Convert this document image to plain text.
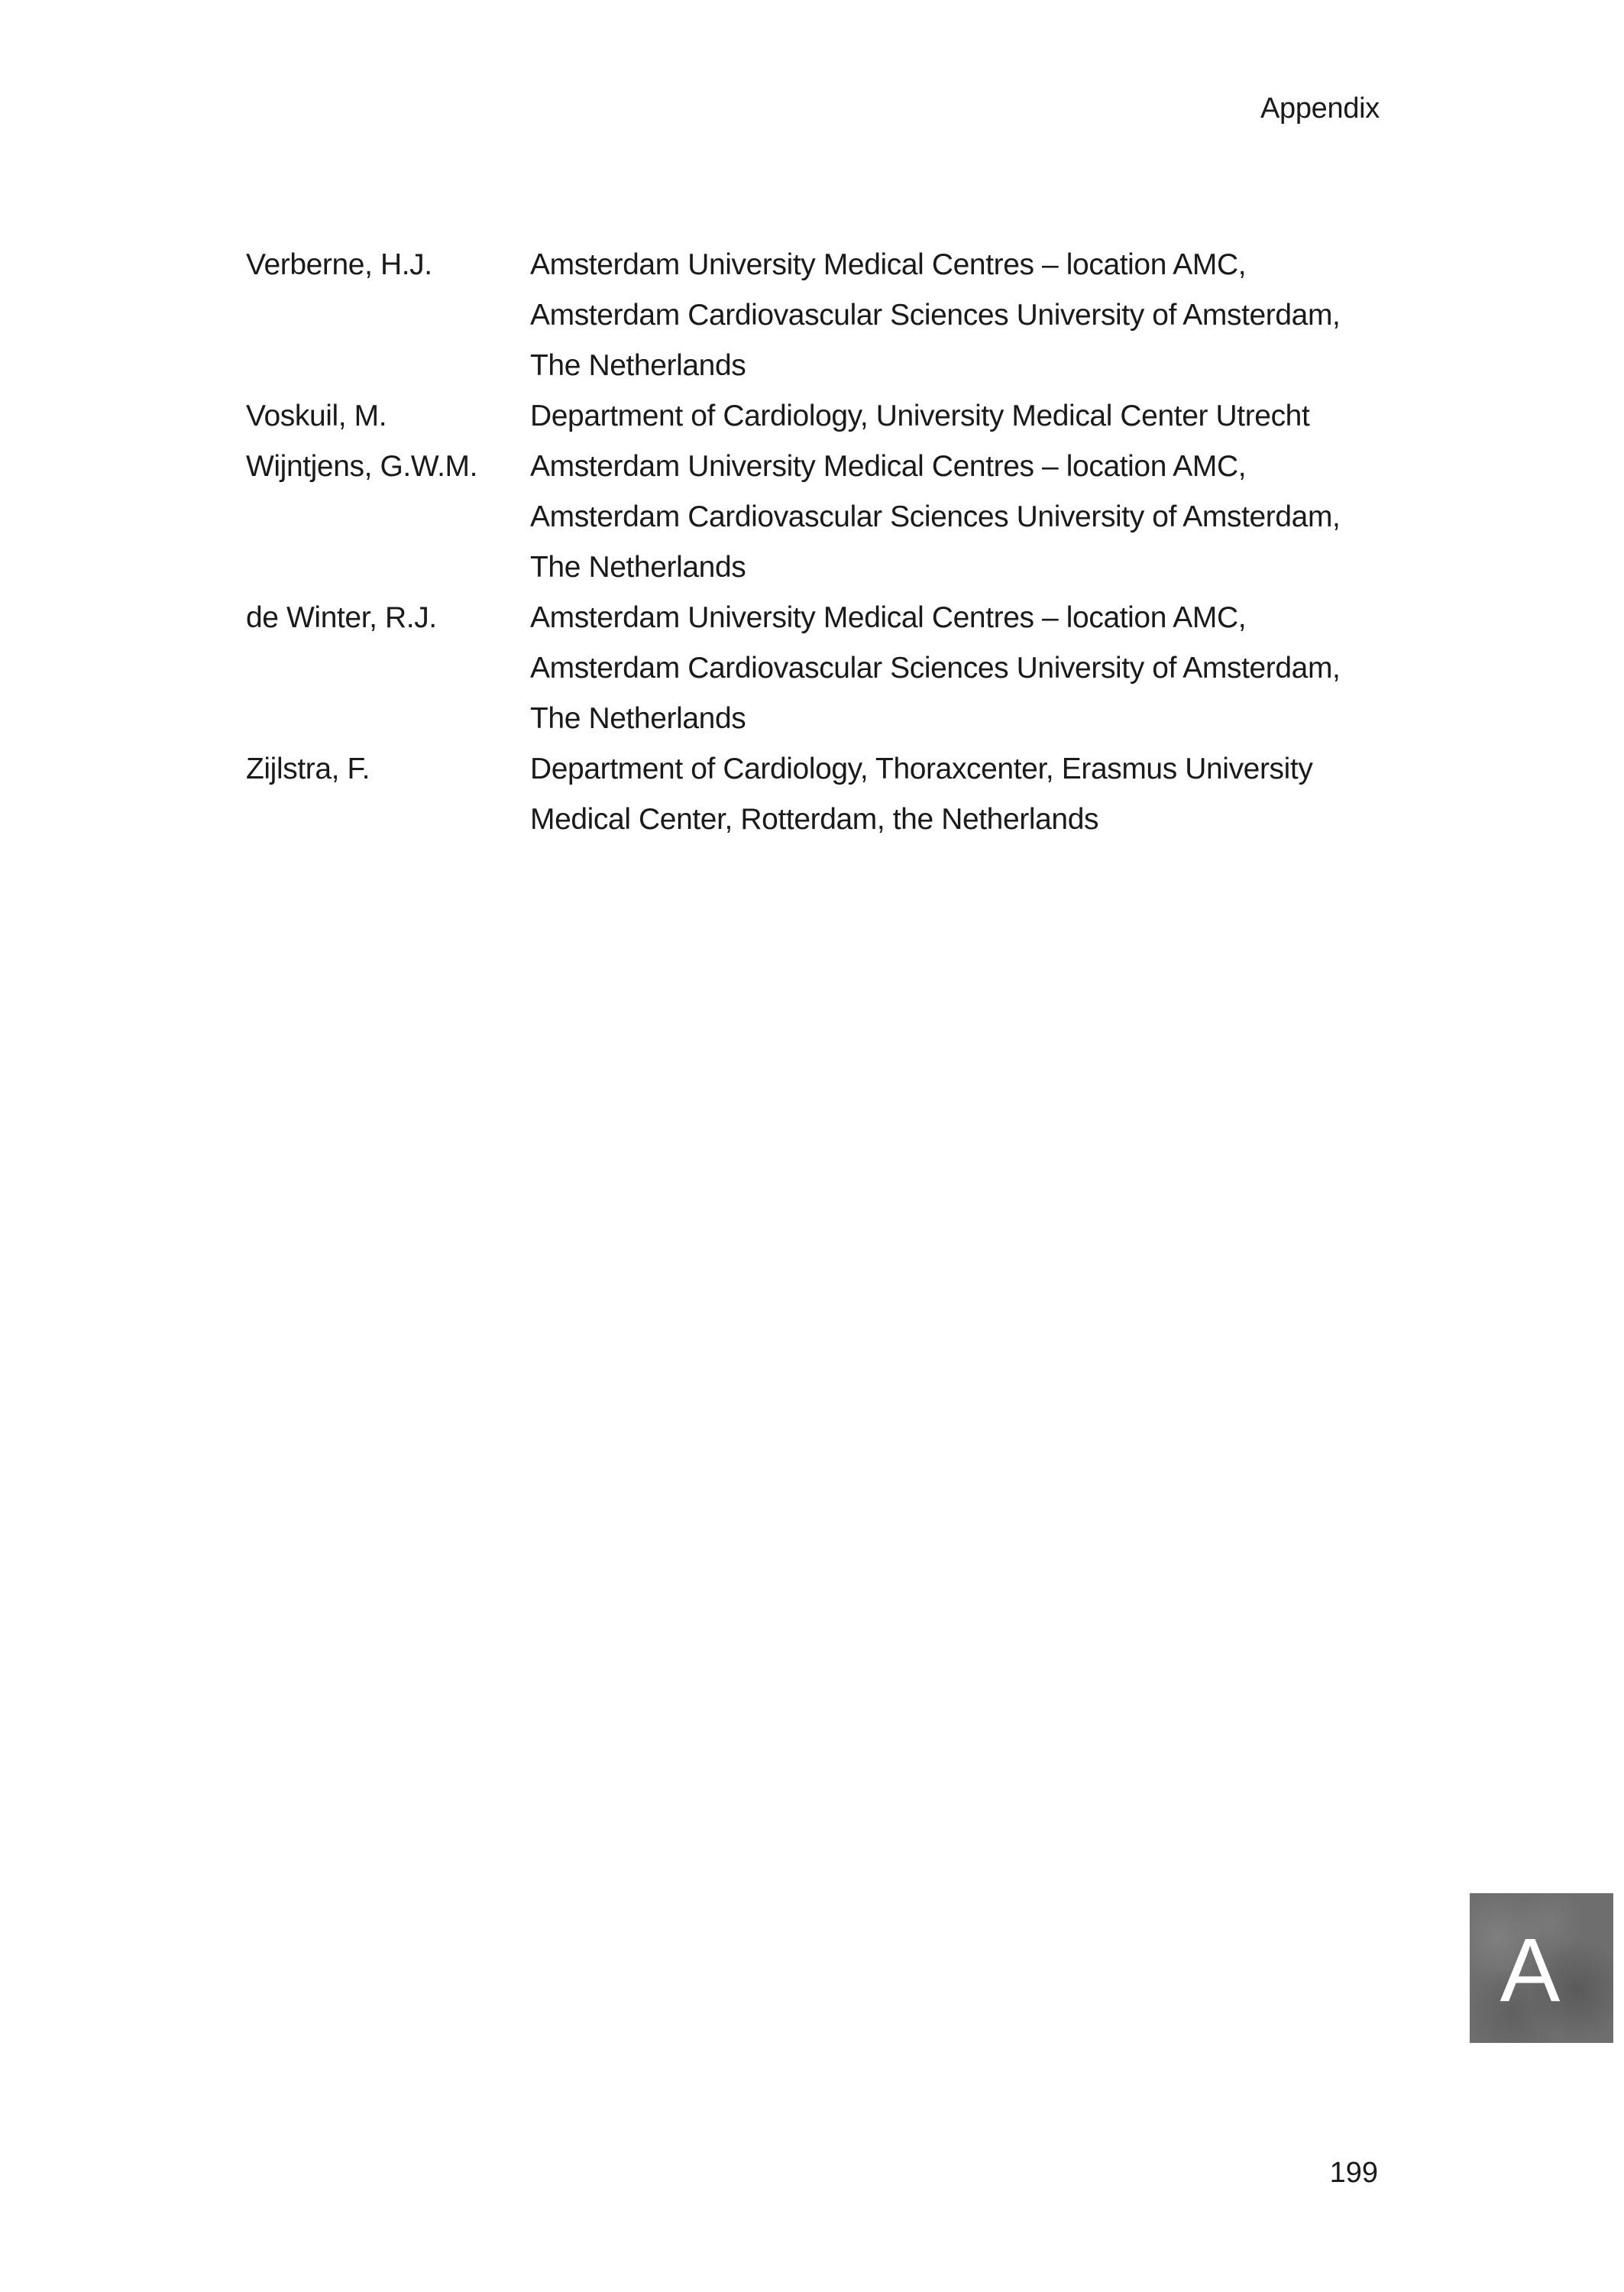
Appendix
Verberne, H.J.	Amsterdam University Medical Centres – location AMC,
Amsterdam Cardiovascular Sciences University of Amsterdam,
The Netherlands
Voskuil, M.	Department of Cardiology, University Medical Center Utrecht
Wijntjens, G.W.M.	Amsterdam University Medical Centres – location AMC,
Amsterdam Cardiovascular Sciences University of Amsterdam,
The Netherlands
de Winter, R.J.	Amsterdam University Medical Centres – location AMC,
Amsterdam Cardiovascular Sciences University of Amsterdam,
The Netherlands
Zijlstra, F.	Department of Cardiology, Thoraxcenter, Erasmus University
Medical Center, Rotterdam, the Netherlands
A
199
